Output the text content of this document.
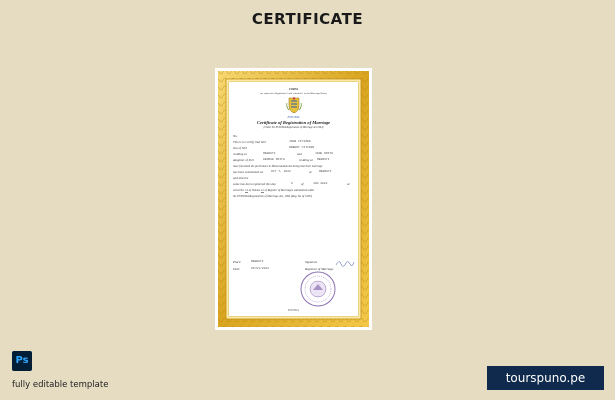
CERTIFICATE
FORM
(as referred in Regulation 5 and schedule 1 to the Marriage Rules)
ESTONIA
Certificate of Registration of Marriage
(Under the ESTONIA Registration of Marriage Act 1994)
No.
This is to Certify that Shri	JOHN CITIZEN
Son of Shri	ROBERT CITIZEN
residing at	MEERUTI	and	JANE SMITH
daughter of Shri	GEORGE SMITH	residing at MEERUTI
have furnished the particulars in Memorandum declaring that their marriage
has been solemnized on	OCT 7, 2022	at	MEERUTI
and that the
same has been registered this day	6	of	JAN 2022	at
serial No. 12 of Volume 12 of Register of Marriages maintained under
the ESTONIA Registration of Marriage Act, 1994 (Reg. No of 1995).
Place:	MEERUTI	Signature
Date:	05/01/2022	Registrar of Marriage
ESTONIA
Ps
fully editable template	tourspuno.pe
